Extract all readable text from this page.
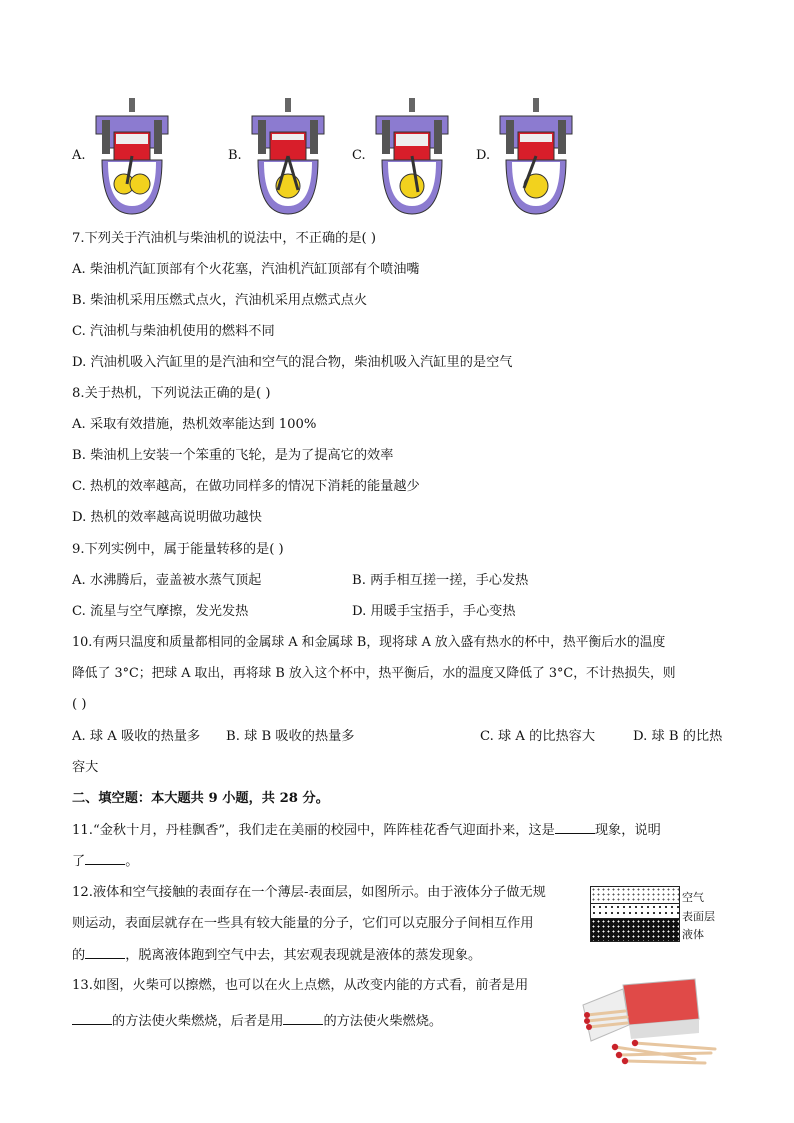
A.	B.	C.	D.
7.下列关于汽油机与柴油机的说法中，不正确的是( )
A. 柴油机汽缸顶部有个火花塞，汽油机汽缸顶部有个喷油嘴
B. 柴油机采用压燃式点火，汽油机采用点燃式点火
C. 汽油机与柴油机使用的燃料不同
D. 汽油机吸入汽缸里的是汽油和空气的混合物，柴油机吸入汽缸里的是空气
8.关于热机，下列说法正确的是( )
A. 采取有效措施，热机效率能达到 100%
B. 柴油机上安装一个笨重的飞轮，是为了提高它的效率
C. 热机的效率越高，在做功同样多的情况下消耗的能量越少
D. 热机的效率越高说明做功越快
9.下列实例中，属于能量转移的是( )
A. 水沸腾后，壶盖被水蒸气顶起	B. 两手相互搓一搓，手心发热
C. 流星与空气摩擦，发光发热	D. 用暖手宝捂手，手心变热
10.有两只温度和质量都相同的金属球 A 和金属球 B，现将球 A 放入盛有热水的杯中，热平衡后水的温度
降低了 3°C；把球 A 取出，再将球 B 放入这个杯中，热平衡后，水的温度又降低了 3°C，不计热损失，则
( )
A. 球 A 吸收的热量多 B. 球 B 吸收的热量多	C. 球 A 的比热容大	D. 球 B 的比热
容大
二、填空题：本大题共 9 小题，共 28 分。
11.“金秋十月，丹桂飘香”，我们走在美丽的校园中，阵阵桂花香气迎面扑来，这是	现象，说明
了	。
12.液体和空气接触的表面存在一个薄层-表面层，如图所示。由于液体分子做无规
则运动，表面层就存在一些具有较大能量的分子，它们可以克服分子间相互作用
的	，脱离液体跑到空气中去，其宏观表现就是液体的蒸发现象。
空气
表面层
液体
13.如图，火柴可以擦燃，也可以在火上点燃，从改变内能的方式看，前者是用
的方法使火柴燃烧，后者是用	的方法使火柴燃烧。
